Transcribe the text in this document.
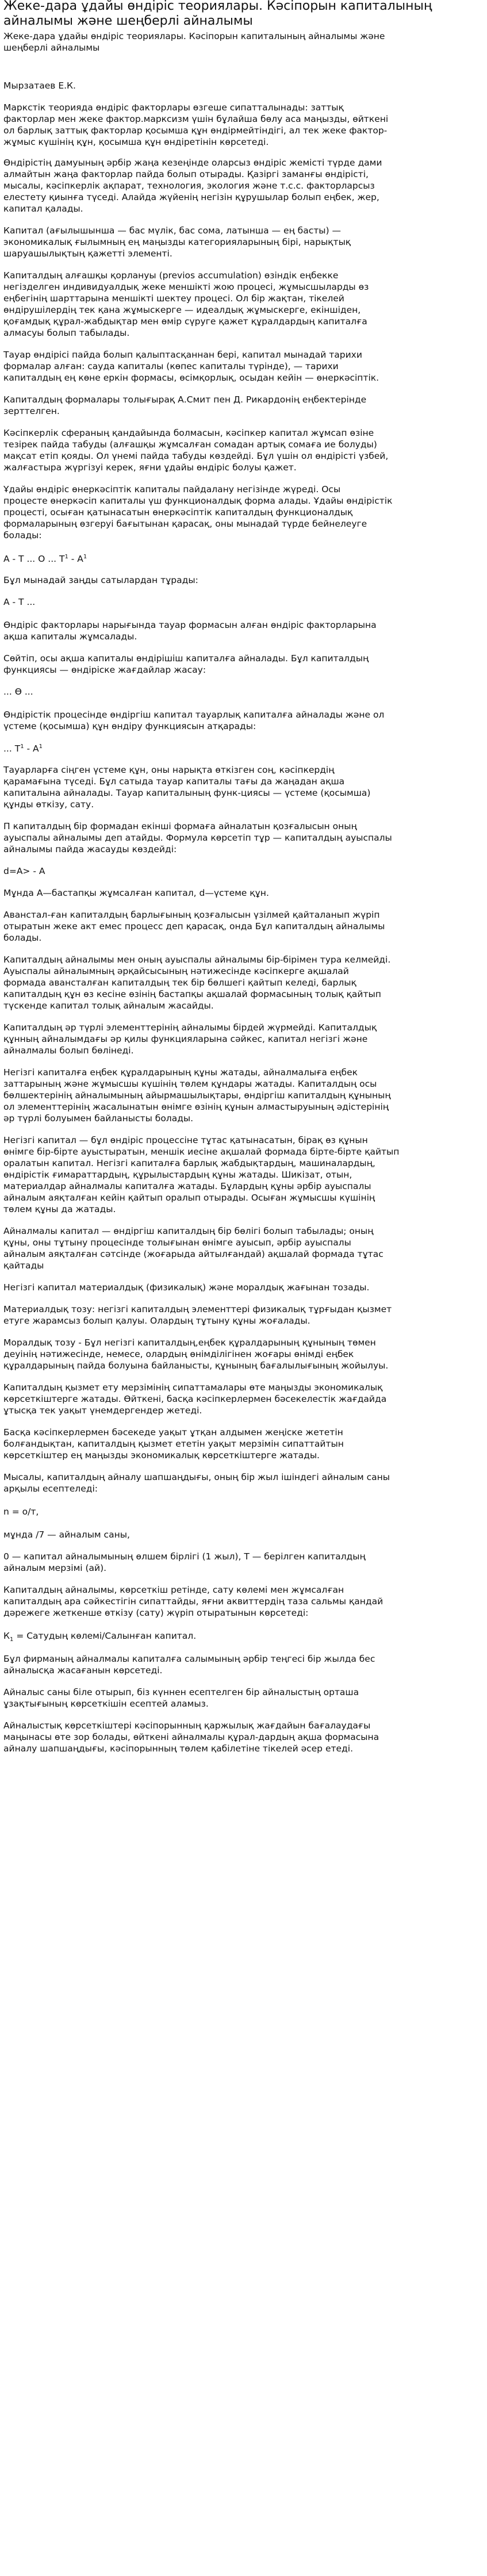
Жеке-дара ұдайы өндіріс теориялары. Кәсіпорын капиталының
айналымы және шеңберлі айналымы
Жеке-дара ұдайы өндіріс теориялары. Кәсіпорын капиталының айналымы және
шеңберлі айналымы
Мырзатаев Е.К.
Маркстік теорияда өндіріс факторлары өзгеше сипатталынады: заттық
факторлар мен жеке фактор.марксизм үшін бұлайша бөлу аса маңызды, өйткені
ол барлық заттық факторлар қосымша құн өндірмейтіндігі, ал тек жеке фактор-
жұмыс күшінің құн, қосымша құн өндіретінін көрсетеді.
Өндірістің дамуының әрбір жаңа кезеңінде оларсыз өндіріс жемісті түрде дами
алмайтын жаңа факторлар пайда болып отырады. Қазіргі заманғы өндірісті,
мысалы, кәсіпкерлік ақпарат, технология, экология және т.с.с. факторларсыз
елестету қиынға түседі. Алайда жүйенің негізін құрушылар болып еңбек, жер,
капитал қалады.
Капитал (ағылышынша — бас мүлік, бас сома, латынша — ең басты) —
экономикалық ғылымның ең маңызды категорияларының бірі, нарықтық
шаруашылықтың қажетті элементі.
Капиталдың алғашқы қорлануы (previos accumulation) өзіндік еңбекке
негізделген индивидуалдық жеке меншікті жою процесі, жұмысшыларды өз
еңбегінің шарттарына меншікті шектеу процесі. Ол бір жақтан, тікелей
өндірушілердің тек қана жұмыскерге — идеалдық жұмыскерге, екіншіден,
қоғамдық құрал-жабдықтар мен өмір сүруге қажет құралдардың капиталға
алмасуы болып табылады.
Тауар өндірісі пайда болып қалыптасқаннан бері, капитал мынадай тарихи
формалар алған: саудa капиталы (көпес капиталы түрінде), — тарихи
капиталдың ең көне еркін формасы, өсімқорлық, осыдан кейін — өнеркәсіптік.
Капиталдың формалары толығырақ А.Смит пен Д. Рикардонің еңбектерінде
зерттелген.
Кәсіпкерлік сфераның қандайында болмасын, кәсіпкер капитал жұмсап өзіне
тезірек пайда табуды (алғашқы жұмсалған сомадан артық сомаға ие болуды)
мақсат етіп қояды. Ол үнемі пайда табуды көздейді. Бұл үшін ол өндірісті үзбей,
жалғастыра жүргізуі керек, яғни ұдайы өндіріс болуы қажет.
Ұдайы өндіріс өнеркәсіптік капиталы пайдалану негізінде жүреді. Осы
процесте өнеркәсіп капиталы үш функционалдық форма алады. Ұдайы өндірістік
процесті, осыған қатынасатын өнеркәсіптік капиталдың функционалдық
формаларының өзгеруі бағытынан қарасақ, оны мынадай түрде бейнелеуге
болады:
А - Т ... О ... $Т^1 - А^1$
Бұл мынадай заңды сатылардан тұрады:
А - Т ...
Өндіріс факторлары нарығында тауар формасын алған өндіріс факторларына
ақша капиталы жұмсалады.
Сөйтіп, осы ақша капиталы өндірішіш капиталға айналады. Бұл капиталдың
функциясы — өндіріске жағдайлар жасау:
... Ө ...
Өндірістік процесінде өндіргіш капитал тауарлық капиталға айналады және ол
үстеме (қосымша) құн өндіру функциясын атқарады:
... $Т^1 - А^1$
Тауарларға сіңген үстеме құн, оны нарықта өткізген соң, кәсіпкердің
қарамағына түседі. Бұл сатыда тауар капиталы тағы да жаңадан ақша
капиталына айналады. Тауар капиталының функ-циясы — үстеме (қосымша)
құнды өткізу, сату.
П капиталдың бір формадан екінші формаға айналатын қозғалысын оның
ауыспалы айналымы деп атайды. Формула көрсетіп тұр — капиталдың ауыспалы
айналымы пайда жасауды көздейді:
d=A> - A
Мұнда A—бастапқы жұмсалған капитал, d—үстеме құн.
Аванстал-ған капиталдың барлығының қозғалысын үзілмей қайталанып жүріп
отыратын жеке акт емес процесс деп қарасақ, онда Бұл капиталдың айналымы
болады.
Капиталдың айналымы мен оның ауыспалы айналымы бір-бірімен тура келмейді.
Ауыспалы айналымның әрқайсысының нәтижесінде кәсіпкерге ақшалай
формада авансталған капиталдың тек бір бөлшегі қайтып келеді, барлық
капиталдың құн өз кесіне өзінің бастапқы ақшалай формасының толық қайтып
түскенде капитал толық айналым жасайды.
Капиталдың әр түрлі элементтерінің айналымы бірдей жүрмейді. Капиталдық
құнның айналымдағы әр қилы функцияларына сәйкес, капитал негізгі және
айналмалы болып бөлінеді.
Негізгі капиталға еңбек құралдарының құны жатады, айналмалыға еңбек
заттарының және жұмысшы күшінің төлем құндары жатады. Капиталдың осы
бөлшектерінің айналымының айырмашылықтары, өндіргіш капиталдың құнының
ол элементтерінің жасалынатын өнімге өзінің құнын алмастыруының әдістерінің
әр түрлі болуымен байланысты болады.
Негізгі капитал — бұл өндіріс процессіне тұтас қатынасатын, бірақ өз құнын
өнімге бір-бірте ауыстыратын, меншік иесіне ақшалай формада бірте-бірте қайтып
оралатын капитал. Негізгі капиталға барлық жабдықтардың, машиналардың,
өндірістік ғимараттардың, құрылыстардың құны жатады. Шикізат, отын,
материалдар айналмалы капиталға жатады. Бұлардың құны әрбір ауыспалы
айналым аяқталған кейін қайтып оралып отырады. Осыған жұмысшы күшінің
төлем құны да жатады.
Айналмалы капитал — өндіргіш капиталдың бір бөлігі болып табылады; оның
құны, оны тұтыну процесінде толығынан өнімге ауысып, әрбір ауыспалы
айналым аяқталған сәтсінде (жоғарыда айтылғандай) ақшалай формада тұтас
қайтады
Негізгі капитал материалдық (физикалық) және моралдық жағынан тозады.
Материалдық тозу: негізгі капиталдың элементтері физикалық тұрғыдан қызмет
етуге жарамсыз болып қалуы. Олардың тұтыну құны жоғалады.
Моралдық тозу - Бұл негізгі капиталдың,еңбек құралдарының құнының төмен
деуінің нәтижесінде, немесе, олардың өнімділігінен жоғары өнімді еңбек
құралдарының пайда болуына байланысты, құнының бағалылығының жойылуы.
Капиталдың қызмет ету мерзімінің сипаттамалары өте маңызды экономикалық
көрсеткіштерге жатады. Өйткені, басқа кәсіпкерлермен бәсекелестік жағдайда
ұтысқа тек уақыт үнемдергендер жетеді.
Басқа кәсіпкерлермен бәсекеде уақыт ұтқан алдымен жеңіске жететін
болғандықтан, капиталдың қызмет ететін уақыт мерзімін сипаттайтын
көрсеткіштер ең маңызды экономикалық көрсеткіштерге жатады.
Мысалы, капиталдың айналу шапшаңдығы, оның бір жыл ішіндегі айналым саны
арқылы есептеледі:
n = о/т,
мұнда /7 — айналым саны,
0 — капитал айналымының өлшем бірлігі (1 жыл), Т — берілген капиталдың
айналым мерзімі (ай).
Капиталдың айналымы, көрсеткіш ретінде, сату көлемі мен жұмсалған
капиталдың ара сәйкестігін сипаттайды, яғни аквиттердің таза сальмы қандай
дәрежеге жеткенше өткізу (сату) жүріп отыратынын көрсетеді:
$К_1$ = Сатудың көлемі/Салынған капитал.
Бұл фирманың айналмалы капиталға салымының әрбір теңгесі бір жылда бес
айналысқа жасағанын көрсетеді.
Айналыс саны біле отырып, біз күннен есептелген бір айналыстың орташа
ұзақтығының көрсеткішін есептей аламыз.
Айналыстық көрсеткіштері кәсіпорынның қаржылық жағдайын бағалаудағы
маңынасы өте зор болады, өйткені айналмалы құрал-дардың ақша формасына
айналу шапшаңдығы, кәсіпорынның төлем қабілетіне тікелей әсер етеді.
